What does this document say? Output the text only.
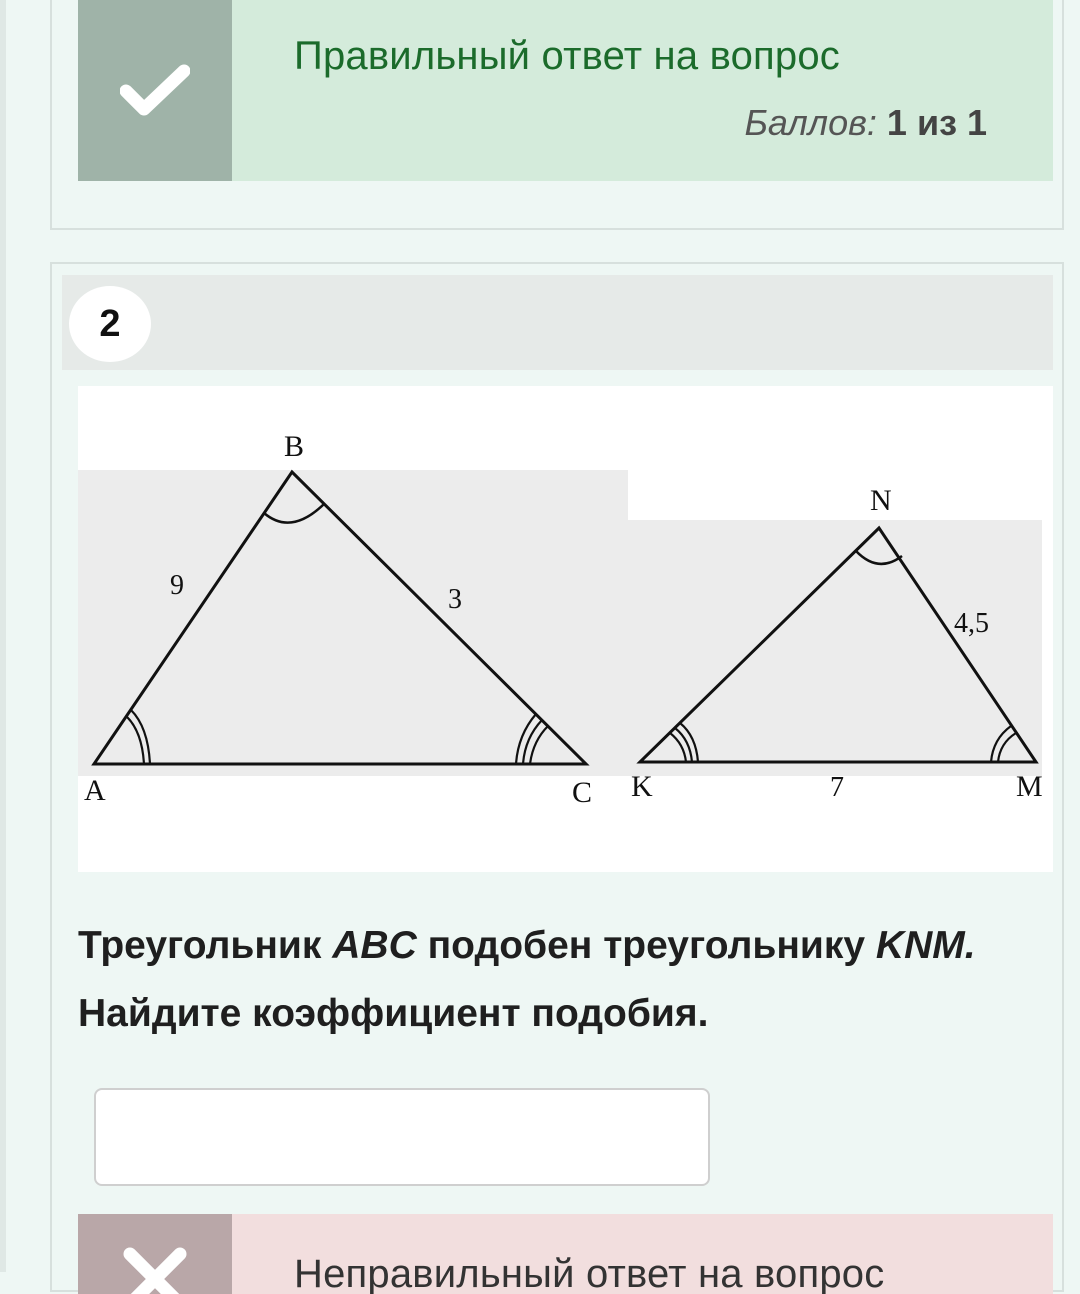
Правильный ответ на вопрос
Баллов: 1 из 1
2
B
A	C
9	3
N
K	M
4,5
7
Треугольник ABC подобен треугольнику KNM.
Найдите коэффициент подобия.
Неправильный ответ на вопрос
